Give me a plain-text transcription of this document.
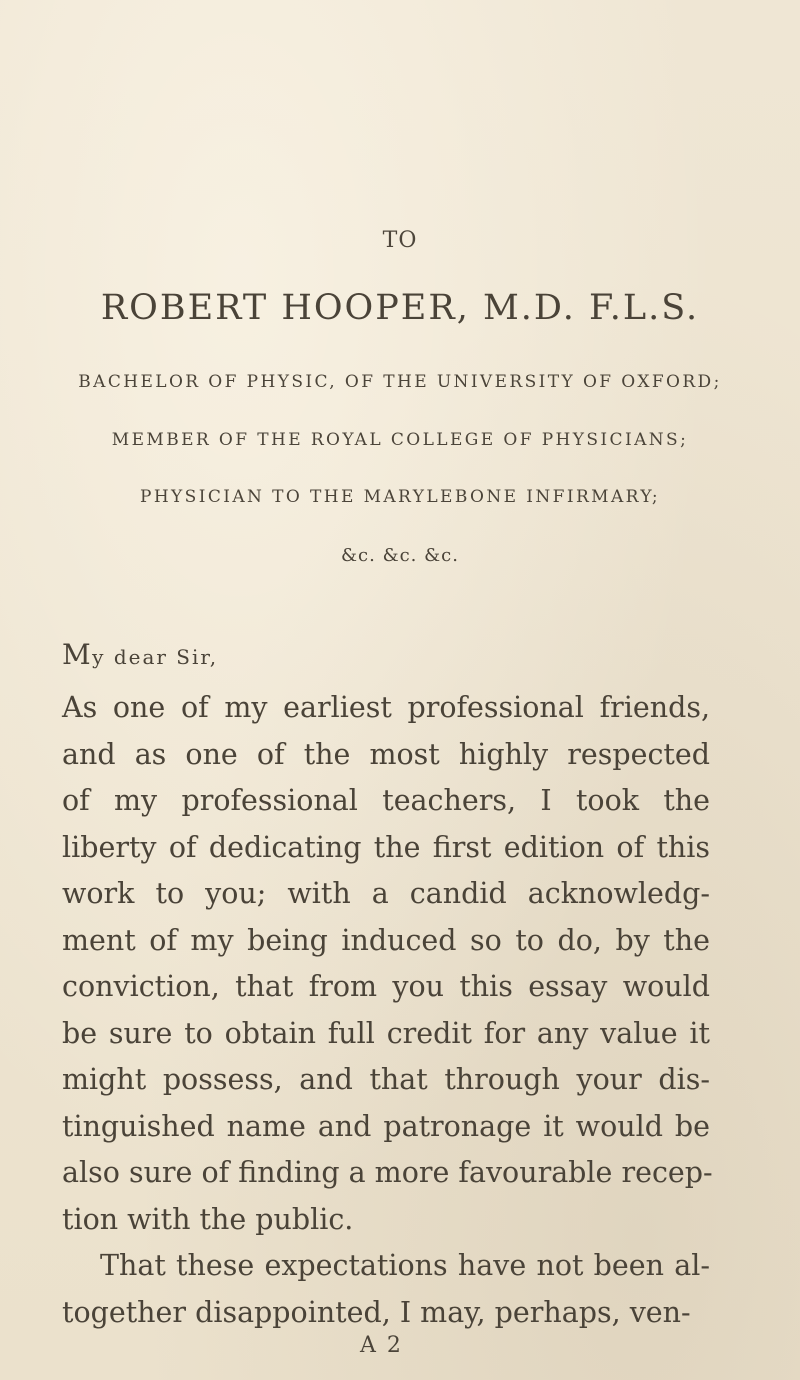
TO
ROBERT HOOPER, M.D. F.L.S.
BACHELOR OF PHYSIC, OF THE UNIVERSITY OF OXFORD;
MEMBER OF THE ROYAL COLLEGE OF PHYSICIANS;
PHYSICIAN TO THE MARYLEBONE INFIRMARY;
&c. &c. &c.
My dear Sir,
As one of my earliest professional friends,
and as one of the most highly respected
of my professional teachers, I took the
liberty of dedicating the first edition of this
work to you; with a candid acknowledg-
ment of my being induced so to do, by the
conviction, that from you this essay would
be sure to obtain full credit for any value it
might possess, and that through your dis-
tinguished name and patronage it would be
also sure of finding a more favourable recep-
tion with the public.
That these expectations have not been al-
together disappointed, I may, perhaps, ven-
A 2
